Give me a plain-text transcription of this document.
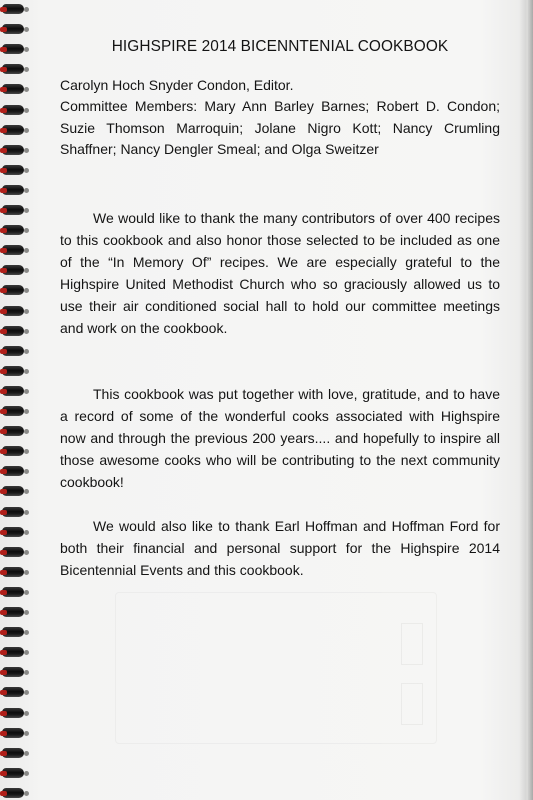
HIGHSPIRE 2014 BICENNTENIAL COOKBOOK

Carolyn Hoch Snyder Condon, Editor.

Committee Members: Mary Ann Barley Barnes; Robert D. Condon; Suzie Thomson Marroquin; Jolane Nigro Kott; Nancy Crumling Shaffner; Nancy Dengler Smeal; and Olga Sweitzer

We would like to thank the many contributors of over 400 recipes to this cookbook and also honor those selected to be included as one of the “In Memory Of” recipes. We are especially grateful to the Highspire United Methodist Church who so graciously allowed us to use their air conditioned social hall to hold our committee meetings and work on the cookbook.

This cookbook was put together with love, gratitude, and to have a record of some of the wonderful cooks associated with Highspire now and through the previous 200 years.... and hopefully to inspire all those awesome cooks who will be contributing to the next community cookbook!

We would also like to thank Earl Hoffman and Hoffman Ford for both their financial and personal support for the Highspire 2014 Bicentennial Events and this cookbook.
